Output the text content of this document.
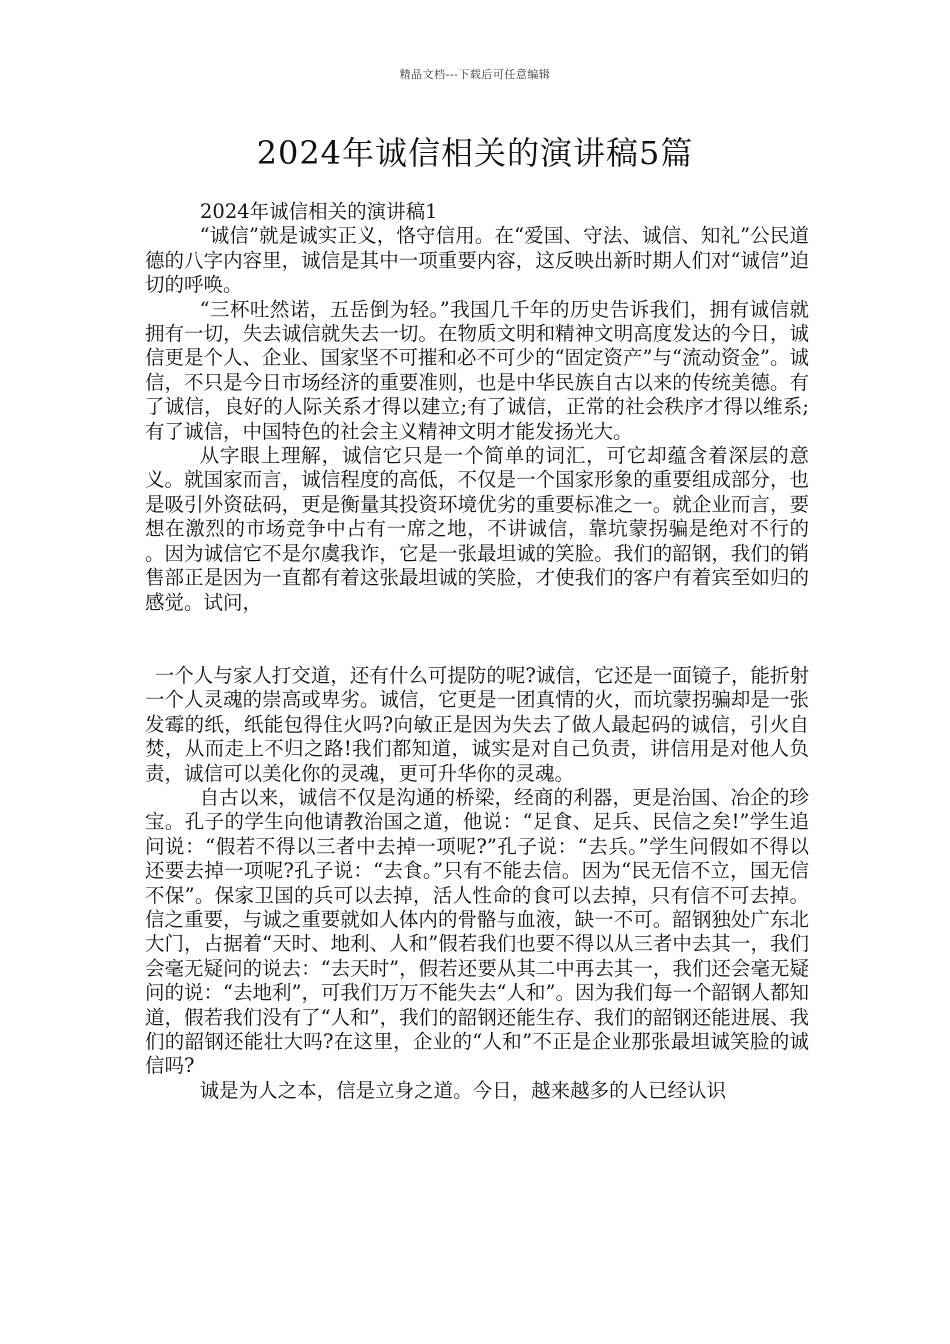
精品文档---下载后可任意编辑
2024年诚信相关的演讲稿5篇

2024年诚信相关的演讲稿1

“诚信”就是诚实正义，恪守信用。在“爱国、守法、诚信、知礼”公民道德的八字内容里，诚信是其中一项重要内容，这反映出新时期人们对“诚信”迫切的呼唤。

“三杯吐然诺，五岳倒为轻。”我国几千年的历史告诉我们，拥有诚信就拥有一切，失去诚信就失去一切。在物质文明和精神文明高度发达的今日，诚信更是个人、企业、国家坚不可摧和必不可少的“固定资产”与“流动资金”。诚信，不只是今日市场经济的重要准则，也是中华民族自古以来的传统美德。有了诚信，良好的人际关系才得以建立;有了诚信，正常的社会秩序才得以维系;有了诚信，中国特色的社会主义精神文明才能发扬光大。

从字眼上理解，诚信它只是一个简单的词汇，可它却蕴含着深层的意义。就国家而言，诚信程度的高低，不仅是一个国家形象的重要组成部分，也是吸引外资砝码，更是衡量其投资环境优劣的重要标准之一。就企业而言，要想在激烈的市场竞争中占有一席之地，不讲诚信，靠坑蒙拐骗是绝对不行的 。因为诚信它不是尔虞我诈，它是一张最坦诚的笑脸。我们的韶钢，我们的销售部正是因为一直都有着这张最坦诚的笑脸，才使我们的客户有着宾至如归的感觉。试问，

一个人与家人打交道，还有什么可提防的呢?诚信，它还是一面镜子，能折射一个人灵魂的崇高或卑劣。诚信，它更是一团真情的火，而坑蒙拐骗却是一张发霉的纸，纸能包得住火吗?向敏正是因为失去了做人最起码的诚信，引火自焚，从而走上不归之路!我们都知道，诚实是对自己负责，讲信用是对他人负责，诚信可以美化你的灵魂，更可升华你的灵魂。

自古以来，诚信不仅是沟通的桥梁，经商的利器，更是治国、冶企的珍宝。孔子的学生向他请教治国之道，他说：“足食、足兵、民信之矣!”学生追问说：“假若不得以三者中去掉一项呢?”孔子说：“去兵。”学生问假如不得以还要去掉一项呢?孔子说：“去食。”只有不能去信。因为“民无信不立，国无信不保”。保家卫国的兵可以去掉，活人性命的食可以去掉，只有信不可去掉。信之重要，与诚之重要就如人体内的骨骼与血液，缺一不可。韶钢独处广东北大门，占据着“天时、地利、人和”假若我们也要不得以从三者中去其一，我们会毫无疑问的说去：“去天时”，假若还要从其二中再去其一，我们还会毫无疑问的说：“去地利”，可我们万万不能失去“人和”。因为我们每一个韶钢人都知道，假若我们没有了“人和”，我们的韶钢还能生存、我们的韶钢还能进展、我们的韶钢还能壮大吗?在这里，企业的“人和”不正是企业那张最坦诚笑脸的诚信吗?

诚是为人之本，信是立身之道。今日，越来越多的人已经认识
